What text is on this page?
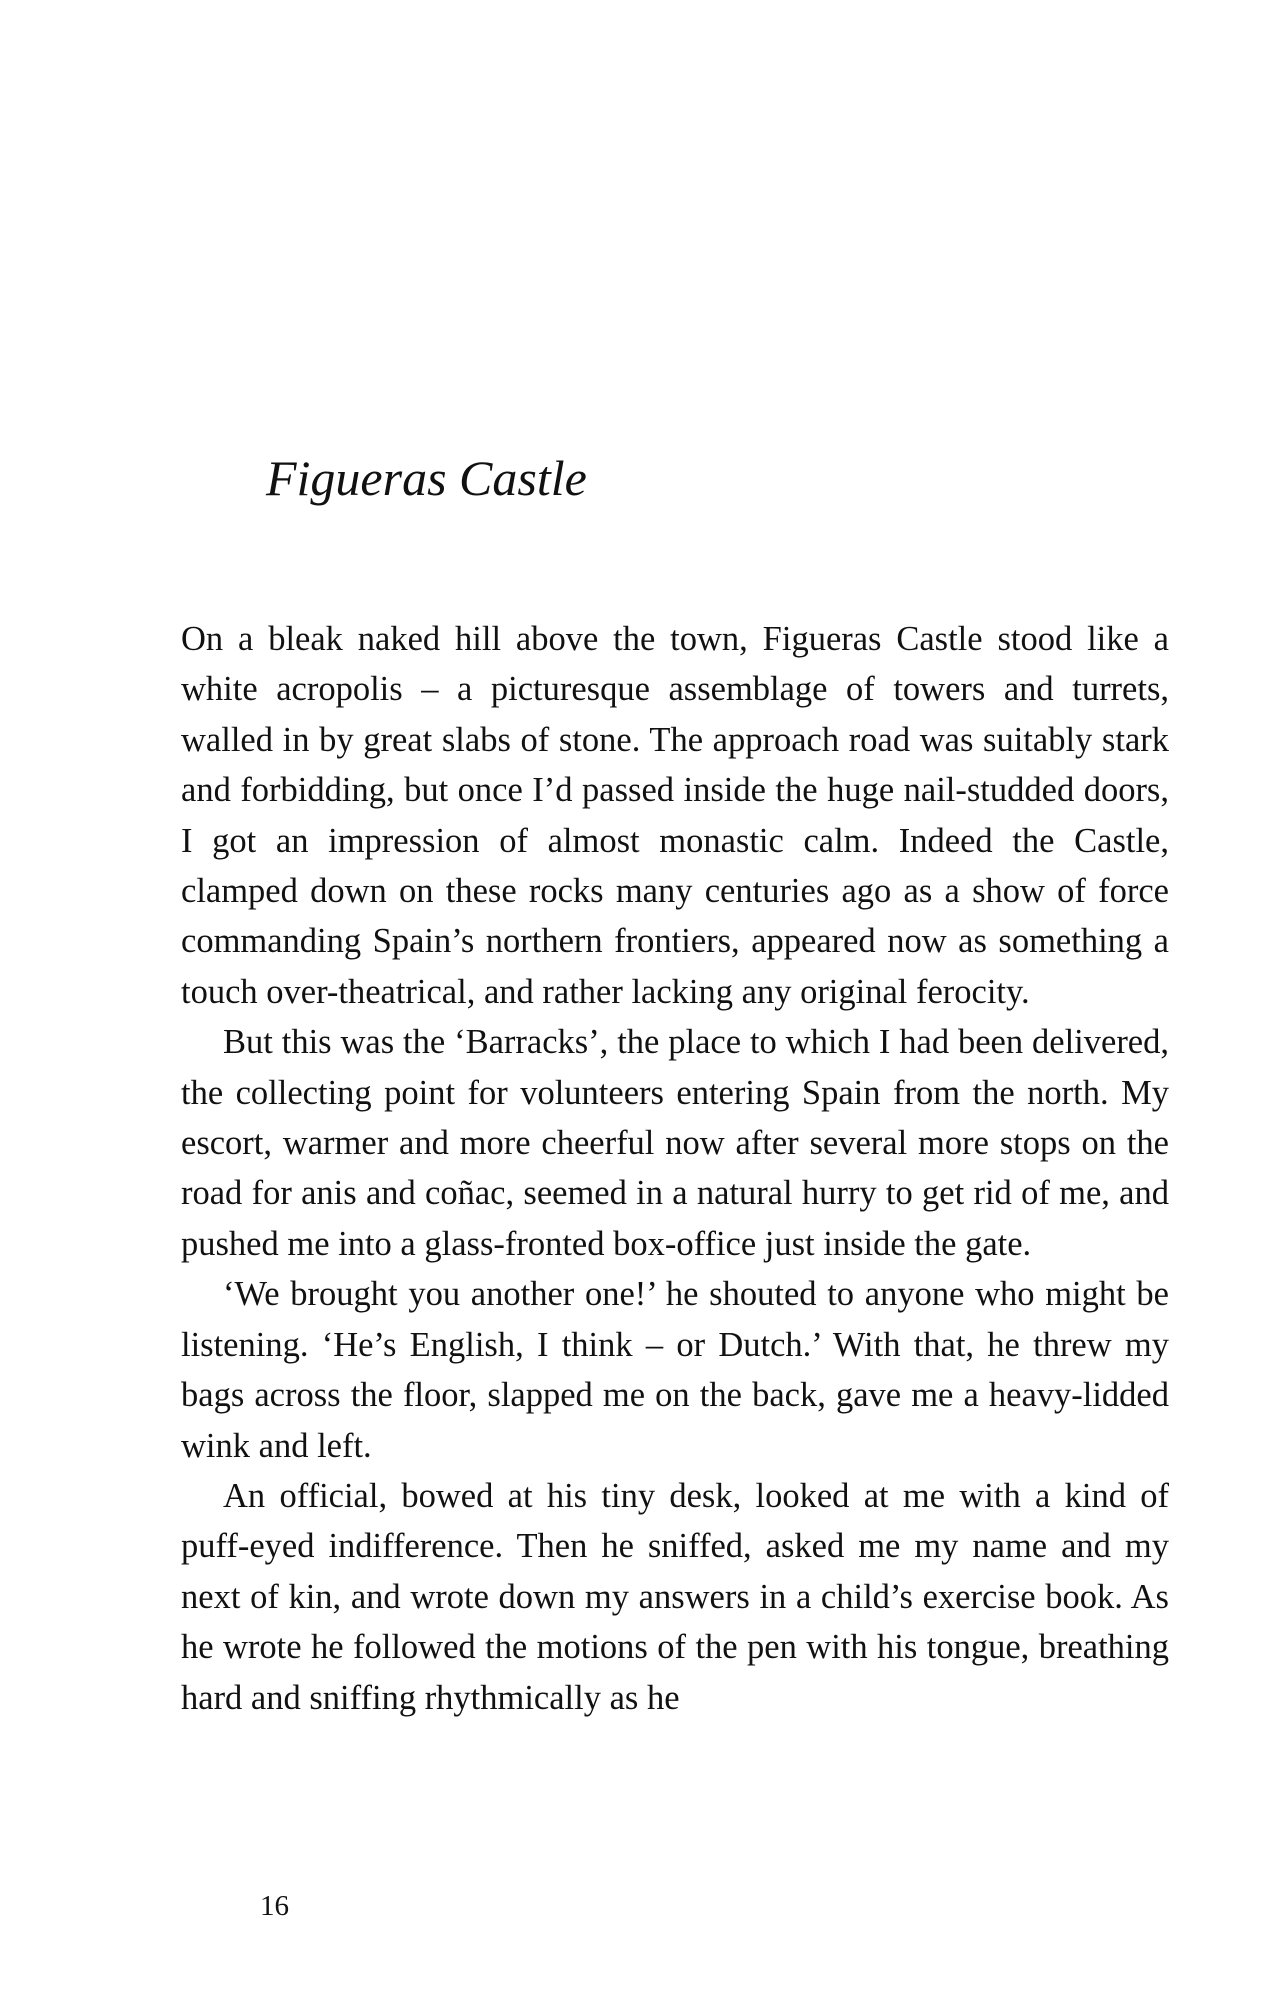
Figueras Castle

On a bleak naked hill above the town, Figueras Castle stood like a white acropolis – a picturesque assemblage of towers and turrets, walled in by great slabs of stone. The approach road was suitably stark and forbidding, but once I’d passed inside the huge nail-studded doors, I got an impression of almost monastic calm. Indeed the Castle, clamped down on these rocks many centuries ago as a show of force commanding Spain’s northern frontiers, appeared now as something a touch over-theatrical, and rather lacking any original ferocity.

But this was the ‘Barracks’, the place to which I had been delivered, the collecting point for volunteers entering Spain from the north. My escort, warmer and more cheerful now after several more stops on the road for anis and coñac, seemed in a natural hurry to get rid of me, and pushed me into a glass-fronted box-office just inside the gate.

‘We brought you another one!’ he shouted to anyone who might be listening. ‘He’s English, I think – or Dutch.’ With that, he threw my bags across the floor, slapped me on the back, gave me a heavy-lidded wink and left.

An official, bowed at his tiny desk, looked at me with a kind of puff-eyed indifference. Then he sniffed, asked me my name and my next of kin, and wrote down my answers in a child’s exercise book. As he wrote he followed the motions of the pen with his tongue, breathing hard and sniffing rhythmically as he

16
